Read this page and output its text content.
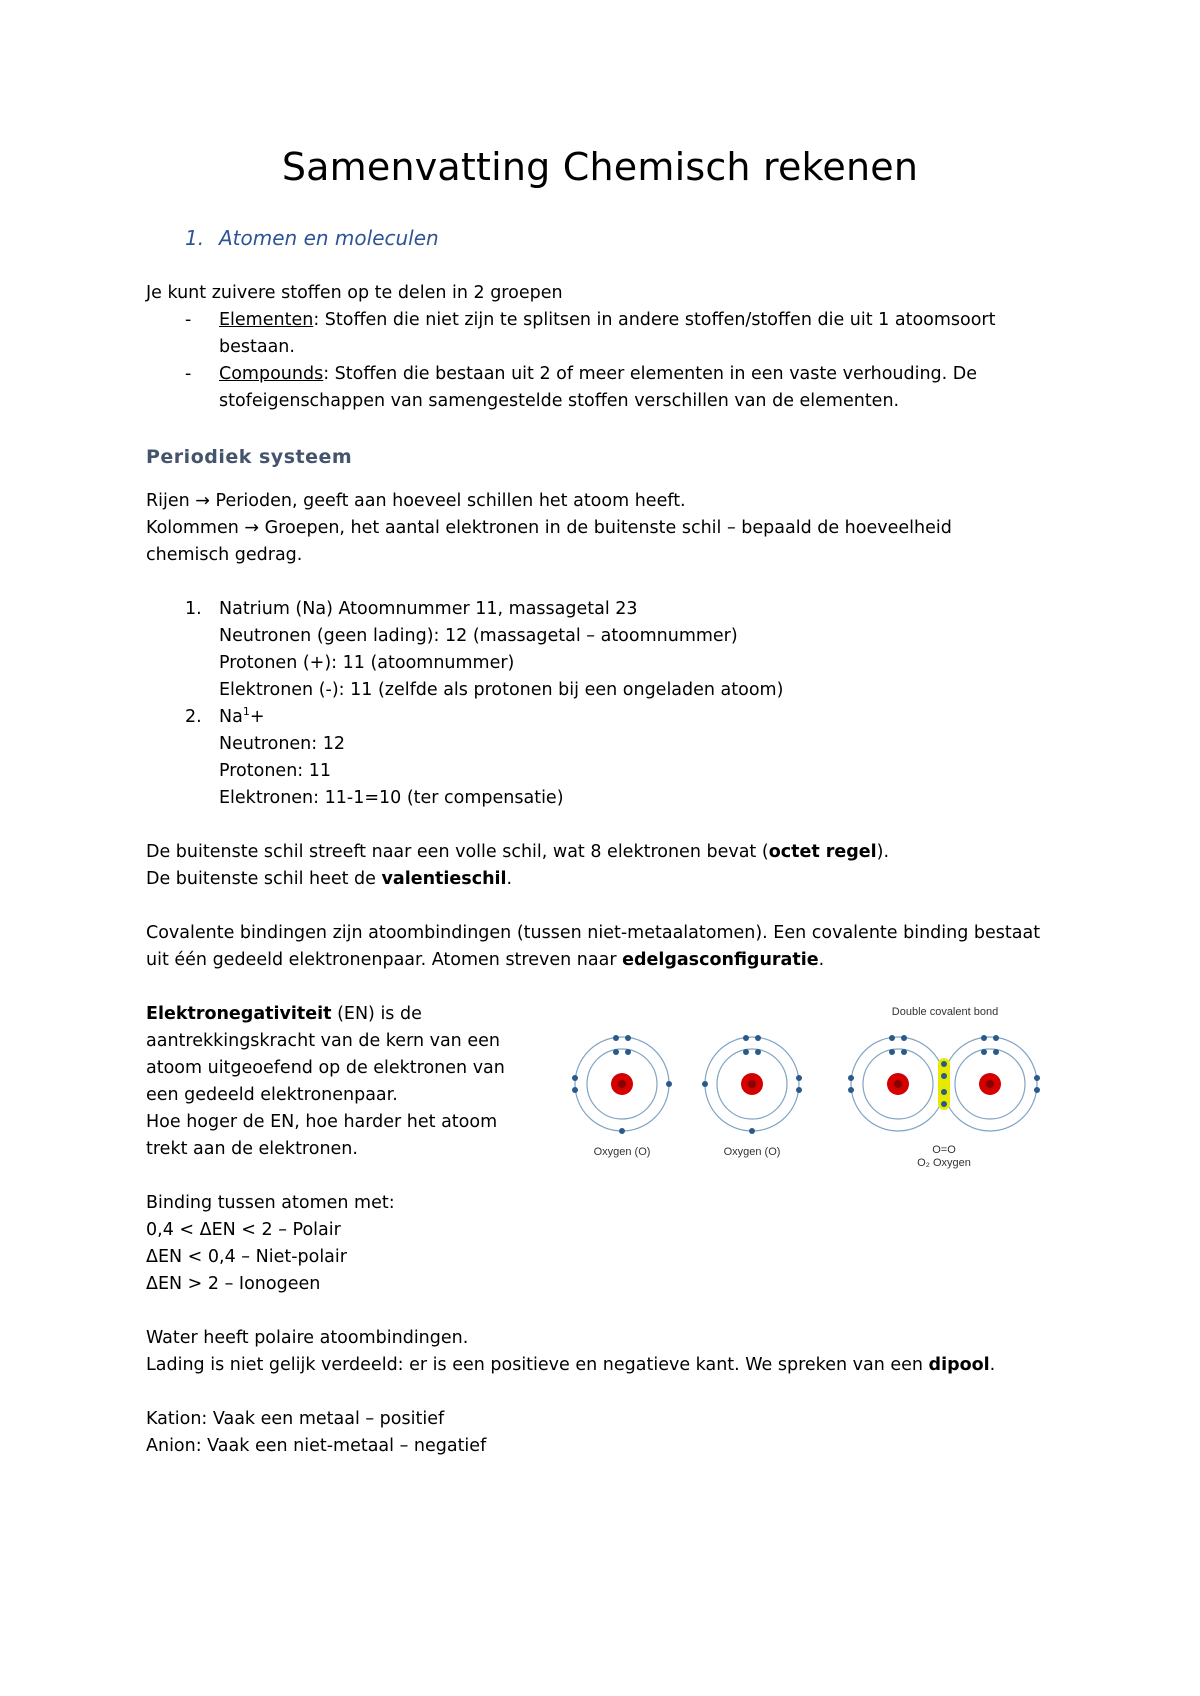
Samenvatting Chemisch rekenen
1. Atomen en moleculen
Je kunt zuivere stoffen op te delen in 2 groepen
- Elementen: Stoffen die niet zijn te splitsen in andere stoffen/stoffen die uit 1 atoomsoort
bestaan.
- Compounds: Stoffen die bestaan uit 2 of meer elementen in een vaste verhouding. De
stofeigenschappen van samengestelde stoffen verschillen van de elementen.
Periodiek systeem
Rijen → Perioden, geeft aan hoeveel schillen het atoom heeft.
Kolommen → Groepen, het aantal elektronen in de buitenste schil – bepaald de hoeveelheid
chemisch gedrag.
1. Natrium (Na) Atoomnummer 11, massagetal 23
Neutronen (geen lading): 12 (massagetal – atoomnummer)
Protonen (+): 11 (atoomnummer)
Elektronen (-): 11 (zelfde als protonen bij een ongeladen atoom)
2. $Na^1+$
Neutronen: 12
Protonen: 11
Elektronen: 11-1=10 (ter compensatie)
De buitenste schil streeft naar een volle schil, wat 8 elektronen bevat (octet regel).
De buitenste schil heet de valentieschil.
Covalente bindingen zijn atoombindingen (tussen niet-metaalatomen). Een covalente binding bestaat
uit één gedeeld elektronenpaar. Atomen streven naar edelgasconfiguratie.
Elektronegativiteit (EN) is de
aantrekkingskracht van de kern van een
atoom uitgeoefend op de elektronen van
een gedeeld elektronenpaar.
Hoe hoger de EN, hoe harder het atoom
trekt aan de elektronen.
Double covalent bond
Oxygen (O)	Oxygen (O)	O=O
O₂ Oxygen
Binding tussen atomen met:
0,4 < ΔEN < 2 – Polair
ΔEN < 0,4 – Niet-polair
ΔEN > 2 – Ionogeen
Water heeft polaire atoombindingen.
Lading is niet gelijk verdeeld: er is een positieve en negatieve kant. We spreken van een dipool.
Kation: Vaak een metaal – positief
Anion: Vaak een niet-metaal – negatief
